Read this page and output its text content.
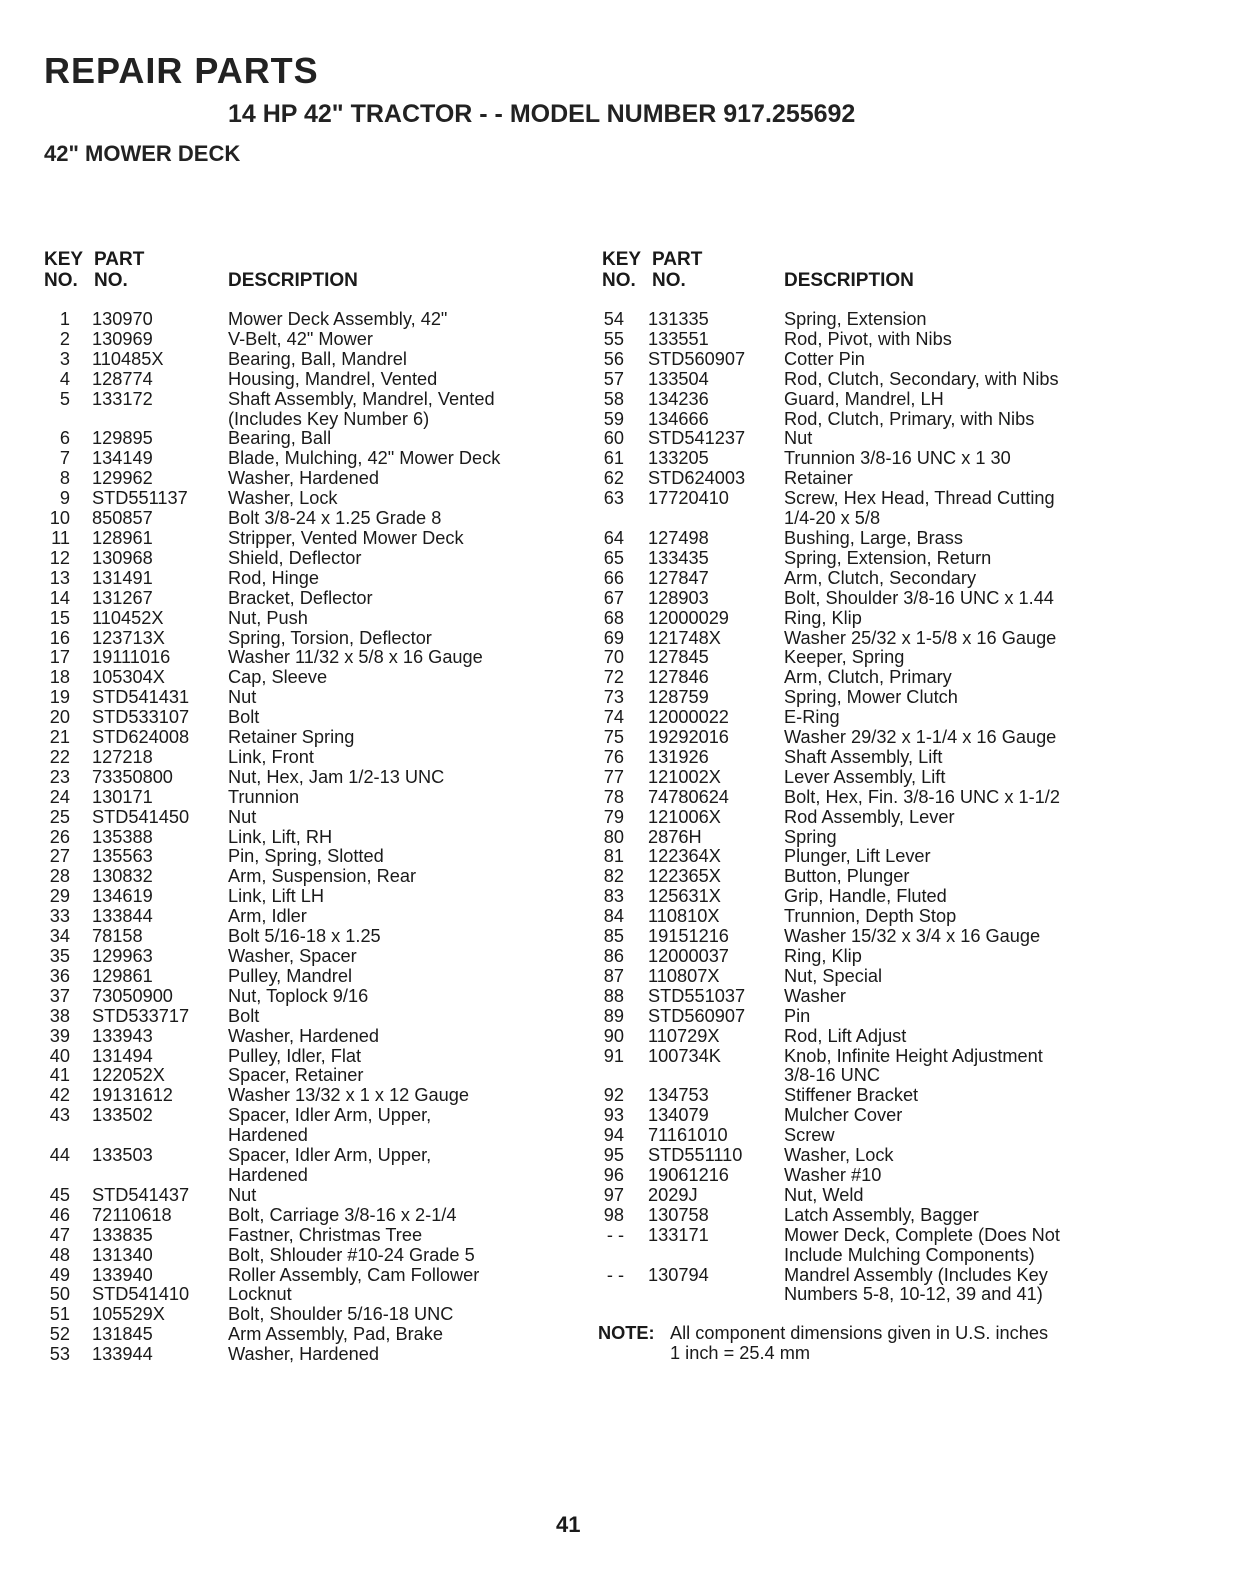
REPAIR PARTS
14 HP 42" TRACTOR - - MODEL NUMBER 917.255692
42" MOWER DECK
KEY
NO.
PART
NO.	DESCRIPTION
1 130970	Mower Deck Assembly, 42"
2 130969	V-Belt, 42" Mower
3 110485X	Bearing, Ball, Mandrel
4 128774	Housing, Mandrel, Vented
5 133172	Shaft Assembly, Mandrel, Vented
(Includes Key Number 6)
6 129895	Bearing, Ball
7 134149	Blade, Mulching, 42" Mower Deck
8 129962	Washer, Hardened
9 STD551137	Washer, Lock
10 850857	Bolt 3/8-24 x 1.25 Grade 8
11 128961	Stripper, Vented Mower Deck
12 130968	Shield, Deflector
13 131491	Rod, Hinge
14 131267	Bracket, Deflector
15 110452X	Nut, Push
16 123713X	Spring, Torsion, Deflector
17 19111016	Washer 11/32 x 5/8 x 16 Gauge
18 105304X	Cap, Sleeve
19 STD541431	Nut
20 STD533107	Bolt
21 STD624008	Retainer Spring
22 127218	Link, Front
23 73350800	Nut, Hex, Jam 1/2-13 UNC
24 130171	Trunnion
25 STD541450	Nut
26 135388	Link, Lift, RH
27 135563	Pin, Spring, Slotted
28 130832	Arm, Suspension, Rear
29 134619	Link, Lift LH
33 133844	Arm, Idler
34 78158	Bolt 5/16-18 x 1.25
35 129963	Washer, Spacer
36 129861	Pulley, Mandrel
37 73050900	Nut, Toplock 9/16
38 STD533717	Bolt
39 133943	Washer, Hardened
40 131494	Pulley, Idler, Flat
41 122052X	Spacer, Retainer
42 19131612	Washer 13/32 x 1 x 12 Gauge
43 133502	Spacer, Idler Arm, Upper,
Hardened
44 133503	Spacer, Idler Arm, Upper,
Hardened
45 STD541437	Nut
46 72110618	Bolt, Carriage 3/8-16 x 2-1/4
47 133835	Fastner, Christmas Tree
48 131340	Bolt, Shlouder #10-24 Grade 5
49 133940	Roller Assembly, Cam Follower
50 STD541410	Locknut
51 105529X	Bolt, Shoulder 5/16-18 UNC
52 131845	Arm Assembly, Pad, Brake
53 133944	Washer, Hardened
KEY
NO.
PART
NO.	DESCRIPTION
54 131335	Spring, Extension
55 133551	Rod, Pivot, with Nibs
56 STD560907	Cotter Pin
57 133504	Rod, Clutch, Secondary, with Nibs
58 134236	Guard, Mandrel, LH
59 134666	Rod, Clutch, Primary, with Nibs
60 STD541237	Nut
61 133205	Trunnion 3/8-16 UNC x 1 30
62 STD624003	Retainer
63 17720410	Screw, Hex Head, Thread Cutting
1/4-20 x 5/8
64 127498	Bushing, Large, Brass
65 133435	Spring, Extension, Return
66 127847	Arm, Clutch, Secondary
67 128903	Bolt, Shoulder 3/8-16 UNC x 1.44
68 12000029	Ring, Klip
69 121748X	Washer 25/32 x 1-5/8 x 16 Gauge
70 127845	Keeper, Spring
72 127846	Arm, Clutch, Primary
73 128759	Spring, Mower Clutch
74 12000022	E-Ring
75 19292016	Washer 29/32 x 1-1/4 x 16 Gauge
76 131926	Shaft Assembly, Lift
77 121002X	Lever Assembly, Lift
78 74780624	Bolt, Hex, Fin. 3/8-16 UNC x 1-1/2
79 121006X	Rod Assembly, Lever
80 2876H	Spring
81 122364X	Plunger, Lift Lever
82 122365X	Button, Plunger
83 125631X	Grip, Handle, Fluted
84 110810X	Trunnion, Depth Stop
85 19151216	Washer 15/32 x 3/4 x 16 Gauge
86 12000037	Ring, Klip
87 110807X	Nut, Special
88 STD551037	Washer
89 STD560907	Pin
90 110729X	Rod, Lift Adjust
91 100734K	Knob, Infinite Height Adjustment
3/8-16 UNC
92 134753	Stiffener Bracket
93 134079	Mulcher Cover
94 71161010	Screw
95 STD551110	Washer, Lock
96 19061216	Washer #10
97 2029J	Nut, Weld
98 130758	Latch Assembly, Bagger
- - 133171	Mower Deck, Complete (Does Not
Include Mulching Components)
- - 130794	Mandrel Assembly (Includes Key
Numbers 5-8, 10-12, 39 and 41)
NOTE: All component dimensions given in U.S. inches
1 inch = 25.4 mm
41
